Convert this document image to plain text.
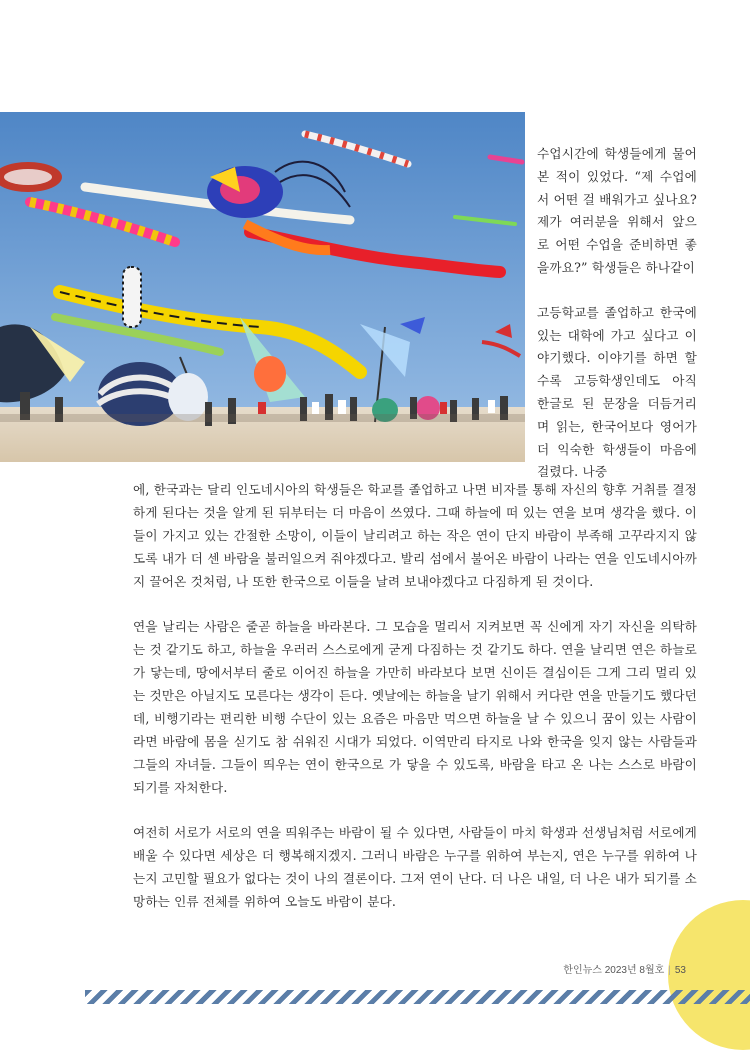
수업시간에 학생들에게 물어본 적이 있었다. “제 수업에서 어떤 걸 배워가고 싶나요? 제가 여러분을 위해서 앞으로 어떤 수업을 준비하면 좋을까요?” 학생들은 하나같이

고등학교를 졸업하고 한국에 있는 대학에 가고 싶다고 이야기했다. 이야기를 하면 할수록 고등학생인데도 아직 한글로 된 문장을 더듬거리며 읽는, 한국어보다 영어가 더 익숙한 학생들이 마음에 걸렸다. 나중

에, 한국과는 달리 인도네시아의 학생들은 학교를 졸업하고 나면 비자를 통해 자신의 향후 거취를 결정하게 된다는 것을 알게 된 뒤부터는 더 마음이 쓰였다. 그때 하늘에 떠 있는 연을 보며 생각을 했다. 이들이 가지고 있는 간절한 소망이, 이들이 날리려고 하는 작은 연이 단지 바람이 부족해 고꾸라지지 않도록 내가 더 센 바람을 불러일으켜 줘야겠다고. 발리 섬에서 불어온 바람이 나라는 연을 인도네시아까지 끌어온 것처럼, 나 또한 한국으로 이들을 날려 보내야겠다고 다짐하게 된 것이다.

연을 날리는 사람은 줄곧 하늘을 바라본다. 그 모습을 멀리서 지켜보면 꼭 신에게 자기 자신을 의탁하는 것 같기도 하고, 하늘을 우러러 스스로에게 굳게 다짐하는 것 같기도 하다. 연을 날리면 연은 하늘로 가 닿는데, 땅에서부터 줄로 이어진 하늘을 가만히 바라보다 보면 신이든 결심이든 그게 그리 멀리 있는 것만은 아닐지도 모른다는 생각이 든다. 옛날에는 하늘을 날기 위해서 커다란 연을 만들기도 했다던데, 비행기라는 편리한 비행 수단이 있는 요즘은 마음만 먹으면 하늘을 날 수 있으니 꿈이 있는 사람이라면 바람에 몸을 싣기도 참 쉬워진 시대가 되었다. 이역만리 타지로 나와 한국을 잊지 않는 사람들과 그들의 자녀들. 그들이 띄우는 연이 한국으로 가 닿을 수 있도록, 바람을 타고 온 나는 스스로 바람이 되기를 자처한다.

여전히 서로가 서로의 연을 띄워주는 바람이 될 수 있다면, 사람들이 마치 학생과 선생님처럼 서로에게 배울 수 있다면 세상은 더 행복해지겠지. 그러니 바람은 누구를 위하여 부는지, 연은 누구를 위하여 나는지 고민할 필요가 없다는 것이 나의 결론이다. 그저 연이 난다. 더 나은 내일, 더 나은 내가 되기를 소망하는 인류 전체를 위하여 오늘도 바람이 분다.

한인뉴스 2023년 8월호 | 53
